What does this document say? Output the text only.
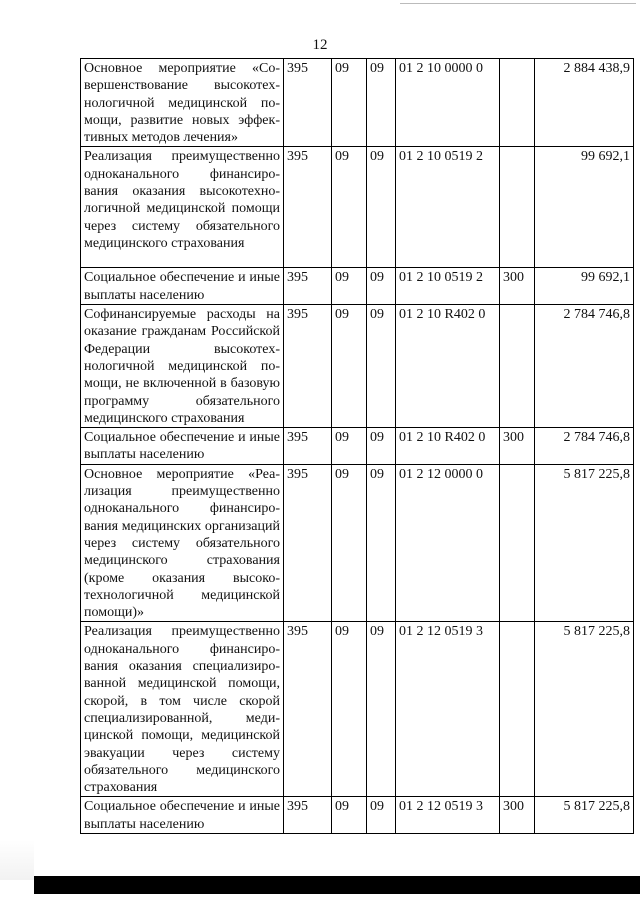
12
Основное мероприятие «Совершенствование высокотехнологичной медицинской помощи, развитие новых эффективных методов лечения»	395	09	09	01 2 10 0000 0		2 884 438,9
Реализация преимущественно одноканального финансирования оказания высокотехнологичной медицинской помощи через систему обязательного медицинского страхования	395	09	09	01 2 10 0519 2		99 692,1
Социальное обеспечение и иные выплаты населению	395	09	09	01 2 10 0519 2	300	99 692,1
Софинансируемые расходы на оказание гражданам Российской Федерации высокотехнологичной медицинской помощи, не включенной в базовую программу обязательного медицинского страхования	395	09	09	01 2 10 R402 0		2 784 746,8
Социальное обеспечение и иные выплаты населению	395	09	09	01 2 10 R402 0	300	2 784 746,8
Основное мероприятие «Реализация преимущественно одноканального финансирования медицинских организаций через систему обязательного медицинского страхования (кроме оказания высокотехнологичной медицинской помощи)»	395	09	09	01 2 12 0000 0		5 817 225,8
Реализация преимущественно одноканального финансирования оказания специализированной медицинской помощи, скорой, в том числе скорой специализированной, медицинской помощи, медицинской эвакуации через систему обязательного медицинского страхования	395	09	09	01 2 12 0519 3		5 817 225,8
Социальное обеспечение и иные выплаты населению	395	09	09	01 2 12 0519 3	300	5 817 225,8
